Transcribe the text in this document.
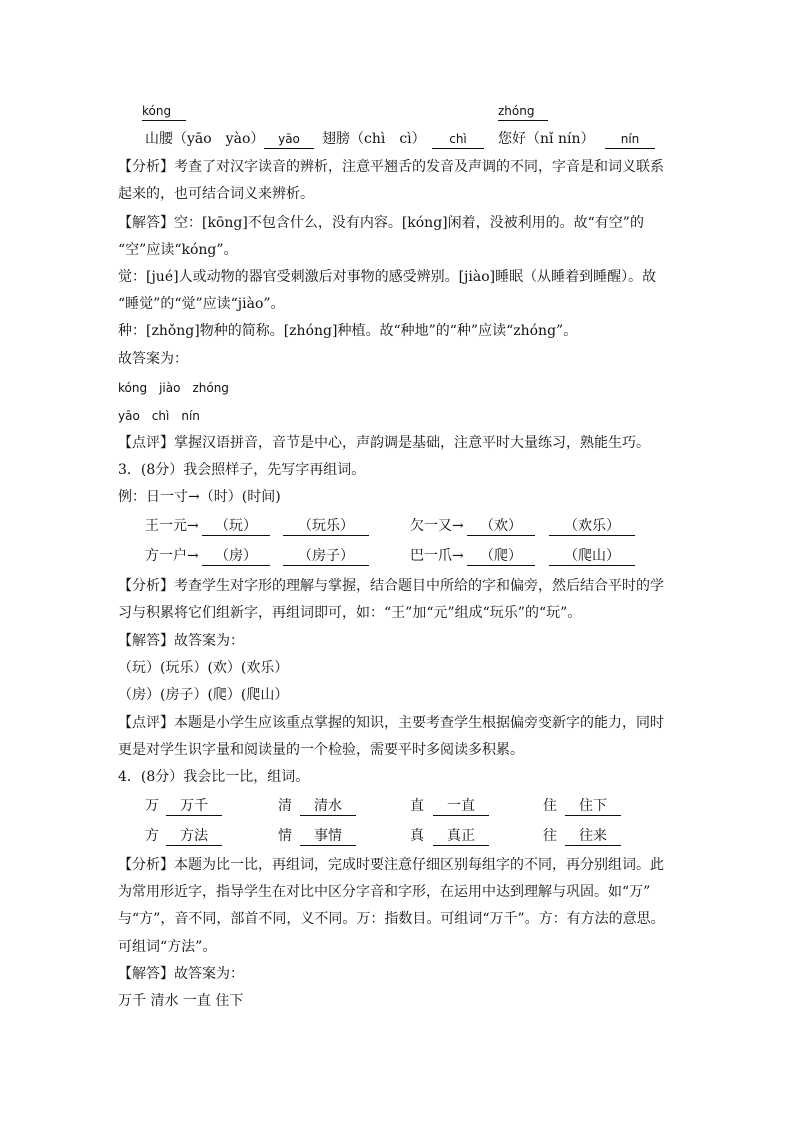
kóng	zhóng
山腰（yāo　yào）	yāo	翅膀（chì　cì）	chì	您好（nǐ nín）	nín
【分析】考查了对汉字读音的辨析，注意平翘舌的发音及声调的不同，字音是和词义联系
起来的，也可结合词义来辨析。
【解答】空：[kōng]不包含什么，没有内容。[kóng]闲着，没被利用的。故“有空”的
“空”应读“kóng”。
觉：[jué]人或动物的器官受刺激后对事物的感受辨别。[jiào]睡眠（从睡着到睡醒）。故
“睡觉”的“觉”应读“jiào”。
种：[zhǒng]物种的简称。[zhóng]种植。故“种地”的“种”应读“zhóng”。
故答案为：
kóng　jiào　zhóng
yāo　chì　nín
【点评】掌握汉语拼音，音节是中心，声韵调是基础，注意平时大量练习，熟能生巧。
3．(8分）我会照样子，先写字再组词。
例：日一寸→（时）(时间)
王一元→	（玩）	（玩乐）	欠一又→	（欢）	（欢乐）
方一户→	（房）	（房子）	巴一爪→	（爬）	（爬山）
【分析】考查学生对字形的理解与掌握，结合题目中所给的字和偏旁，然后结合平时的学
习与积累将它们组新字，再组词即可，如：“王”加“元”组成“玩乐”的“玩”。
【解答】故答案为：
（玩）(玩乐）(欢）(欢乐）
（房）(房子）(爬）(爬山）
【点评】本题是小学生应该重点掌握的知识，主要考查学生根据偏旁变新字的能力，同时
更是对学生识字量和阅读量的一个检验，需要平时多阅读多积累。
4．(8分）我会比一比，组词。
万	万千	清	清水	直	一直	住	住下
方	方法	情	事情	真	真正	往	往来
【分析】本题为比一比，再组词，完成时要注意仔细区别每组字的不同，再分别组词。此
为常用形近字，指导学生在对比中区分字音和字形，在运用中达到理解与巩固。如“万”
与“方”，音不同，部首不同，义不同。万：指数目。可组词“万千”。方：有方法的意思。
可组词“方法”。
【解答】故答案为：
万千 清水 一直 住下
